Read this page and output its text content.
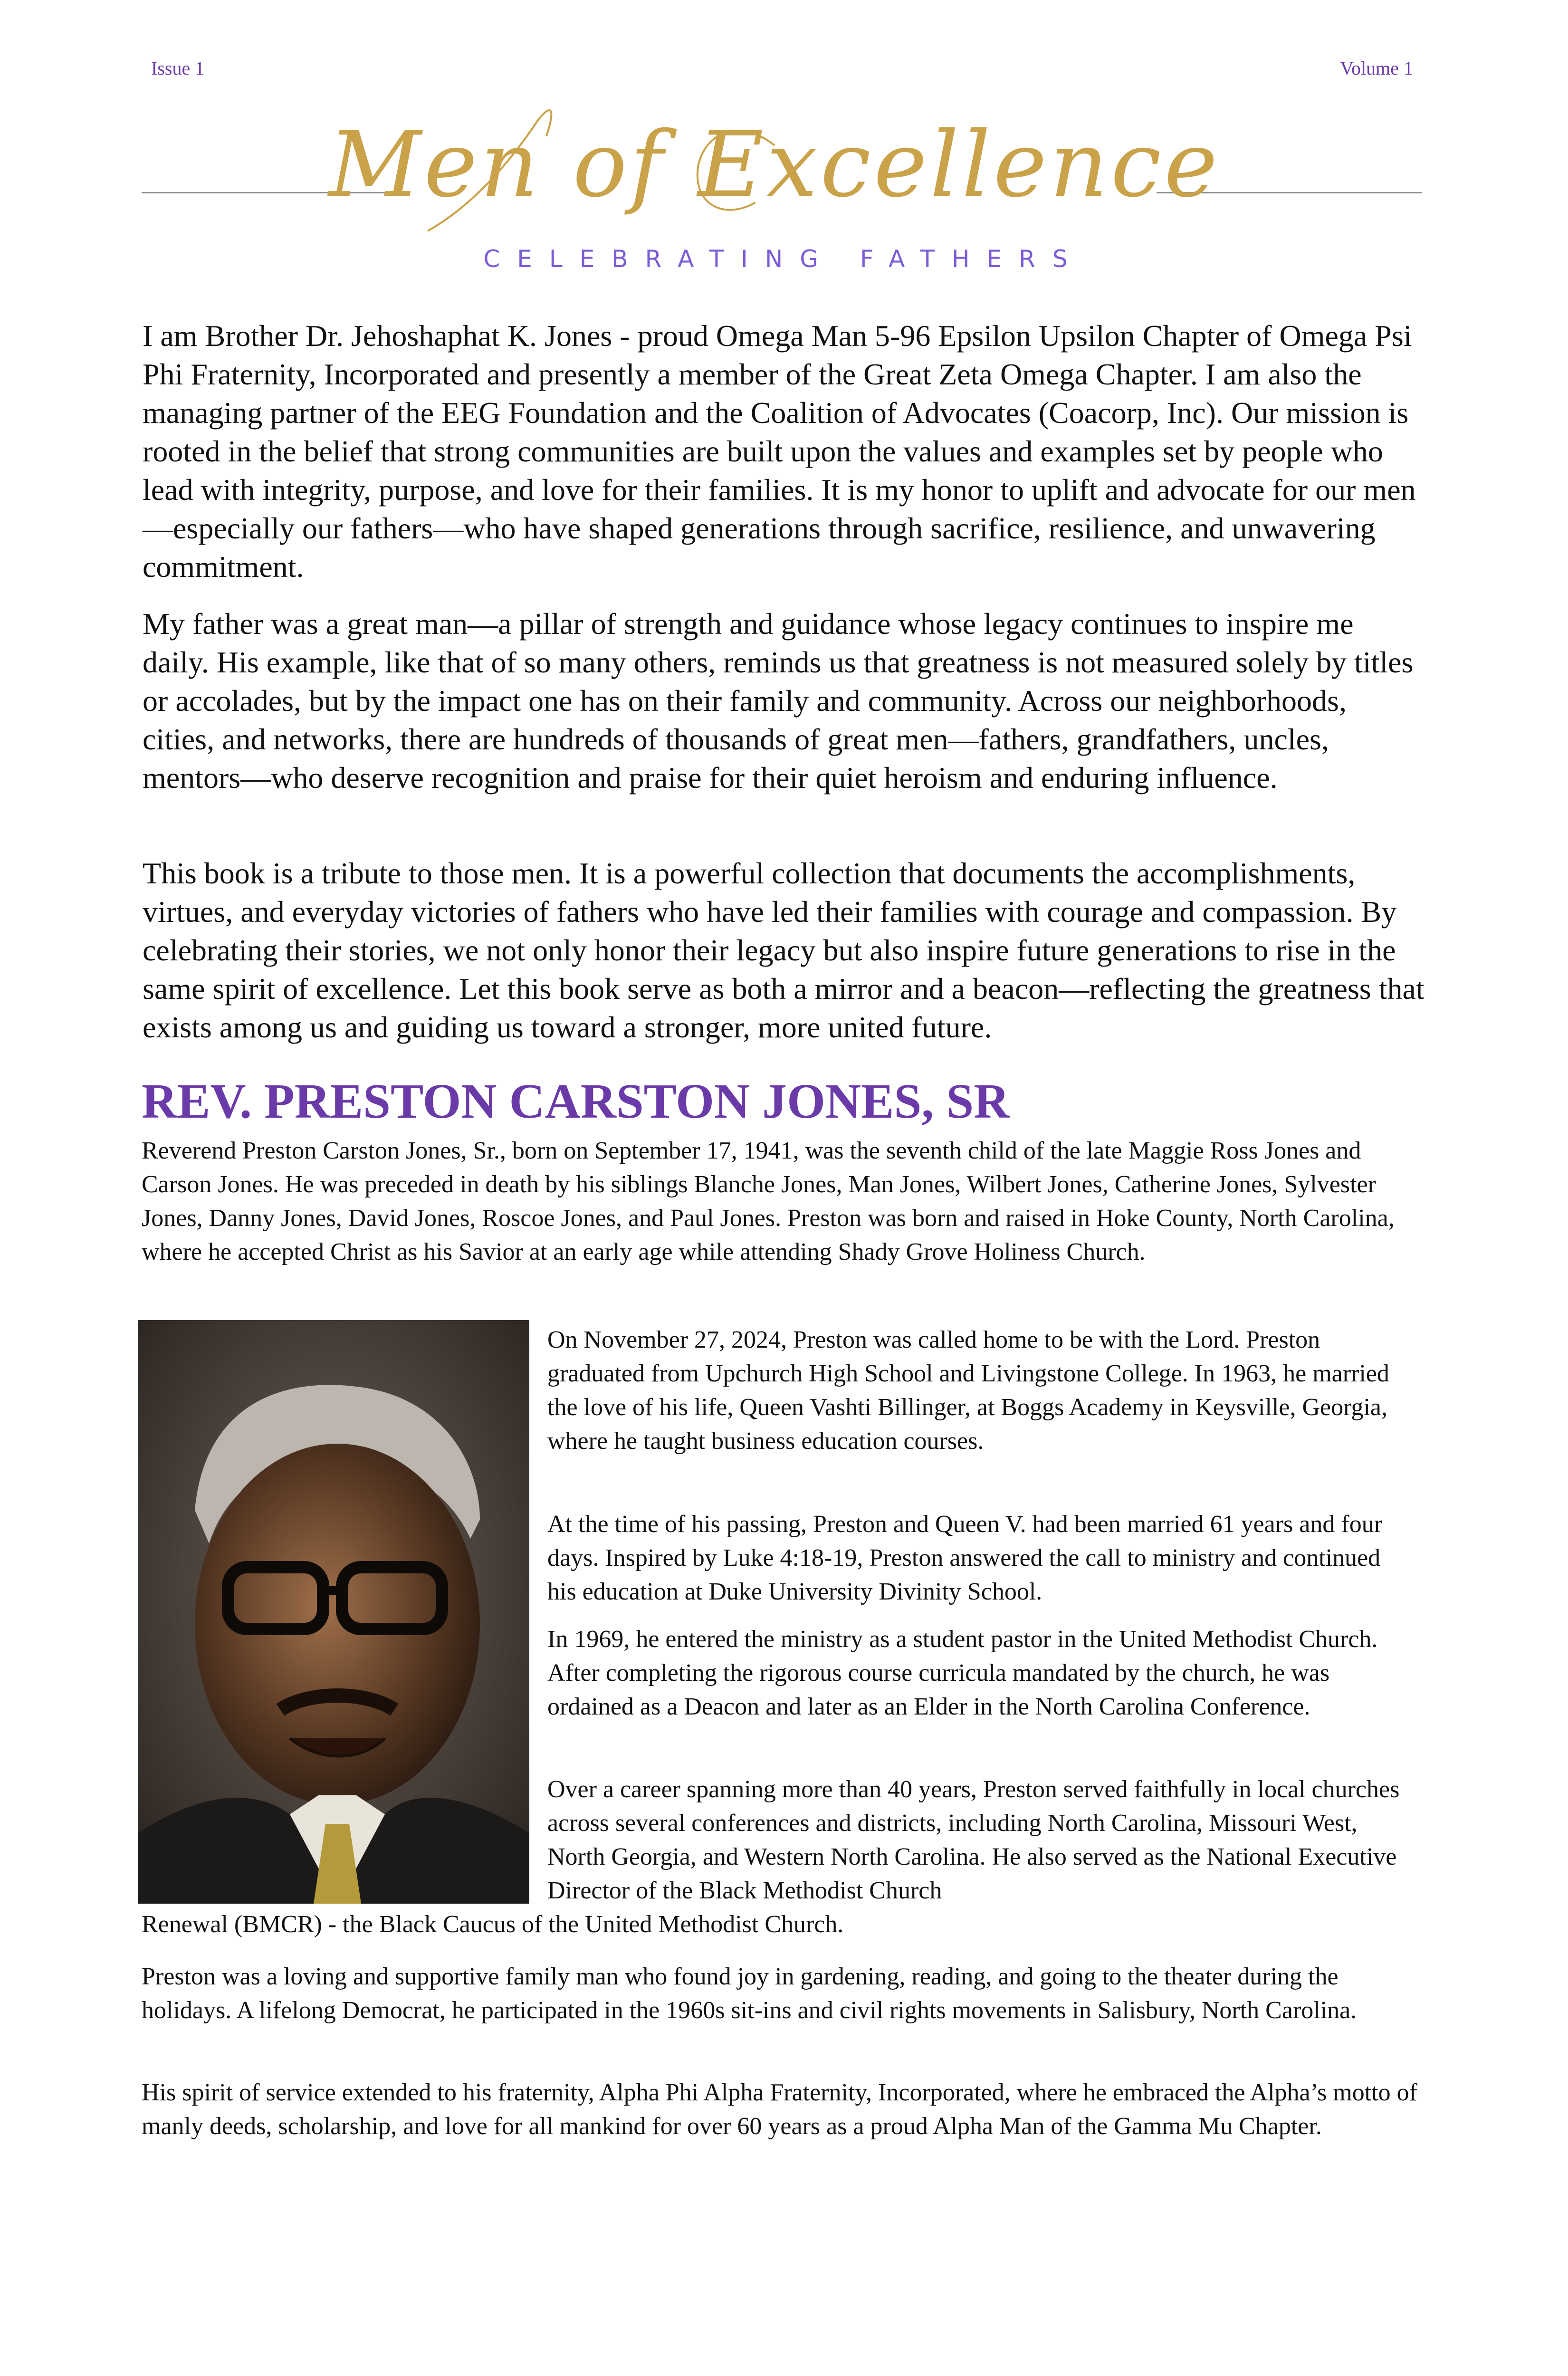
Issue 1	Volume 1
Men of Excellence
CELEBRATING FATHERS

I am Brother Dr. Jehoshaphat K. Jones - proud Omega Man 5-96 Epsilon Upsilon Chapter of Omega Psi Phi Fraternity, Incorporated and presently a member of the Great Zeta Omega Chapter. I am also the managing partner of the EEG Foundation and the Coalition of Advocates (Coacorp, Inc). Our mission is rooted in the belief that strong communities are built upon the values and examples set by people who lead with integrity, purpose, and love for their families. It is my honor to uplift and advocate for our men—especially our fathers—who have shaped generations through sacrifice, resilience, and unwavering commitment.

My father was a great man—a pillar of strength and guidance whose legacy continues to inspire me daily. His example, like that of so many others, reminds us that greatness is not measured solely by titles or accolades, but by the impact one has on their family and community. Across our neighborhoods, cities, and networks, there are hundreds of thousands of great men—fathers, grandfathers, uncles, mentors—who deserve recognition and praise for their quiet heroism and enduring influence.

This book is a tribute to those men. It is a powerful collection that documents the accomplishments, virtues, and everyday victories of fathers who have led their families with courage and compassion. By celebrating their stories, we not only honor their legacy but also inspire future generations to rise in the same spirit of excellence. Let this book serve as both a mirror and a beacon—reflecting the greatness that exists among us and guiding us toward a stronger, more united future.

REV. PRESTON CARSTON JONES, SR

Reverend Preston Carston Jones, Sr., born on September 17, 1941, was the seventh child of the late Maggie Ross Jones and Carson Jones. He was preceded in death by his siblings Blanche Jones, Man Jones, Wilbert Jones, Catherine Jones, Sylvester Jones, Danny Jones, David Jones, Roscoe Jones, and Paul Jones. Preston was born and raised in Hoke County, North Carolina, where he accepted Christ as his Savior at an early age while attending Shady Grove Holiness Church.

On November 27, 2024, Preston was called home to be with the Lord. Preston graduated from Upchurch High School and Livingstone College. In 1963, he married the love of his life, Queen Vashti Billinger, at Boggs Academy in Keysville, Georgia, where he taught business education courses.

At the time of his passing, Preston and Queen V. had been married 61 years and four days. Inspired by Luke 4:18-19, Preston answered the call to ministry and continued his education at Duke University Divinity School.

In 1969, he entered the ministry as a student pastor in the United Methodist Church. After completing the rigorous course curricula mandated by the church, he was ordained as a Deacon and later as an Elder in the North Carolina Conference.

Over a career spanning more than 40 years, Preston served faithfully in local churches across several conferences and districts, including North Carolina, Missouri West, North Georgia, and Western North Carolina. He also served as the National Executive Director of the Black Methodist Church

Renewal (BMCR) - the Black Caucus of the United Methodist Church.

Preston was a loving and supportive family man who found joy in gardening, reading, and going to the theater during the holidays. A lifelong Democrat, he participated in the 1960s sit-ins and civil rights movements in Salisbury, North Carolina.

His spirit of service extended to his fraternity, Alpha Phi Alpha Fraternity, Incorporated, where he embraced the Alpha’s motto of manly deeds, scholarship, and love for all mankind for over 60 years as a proud Alpha Man of the Gamma Mu Chapter.
